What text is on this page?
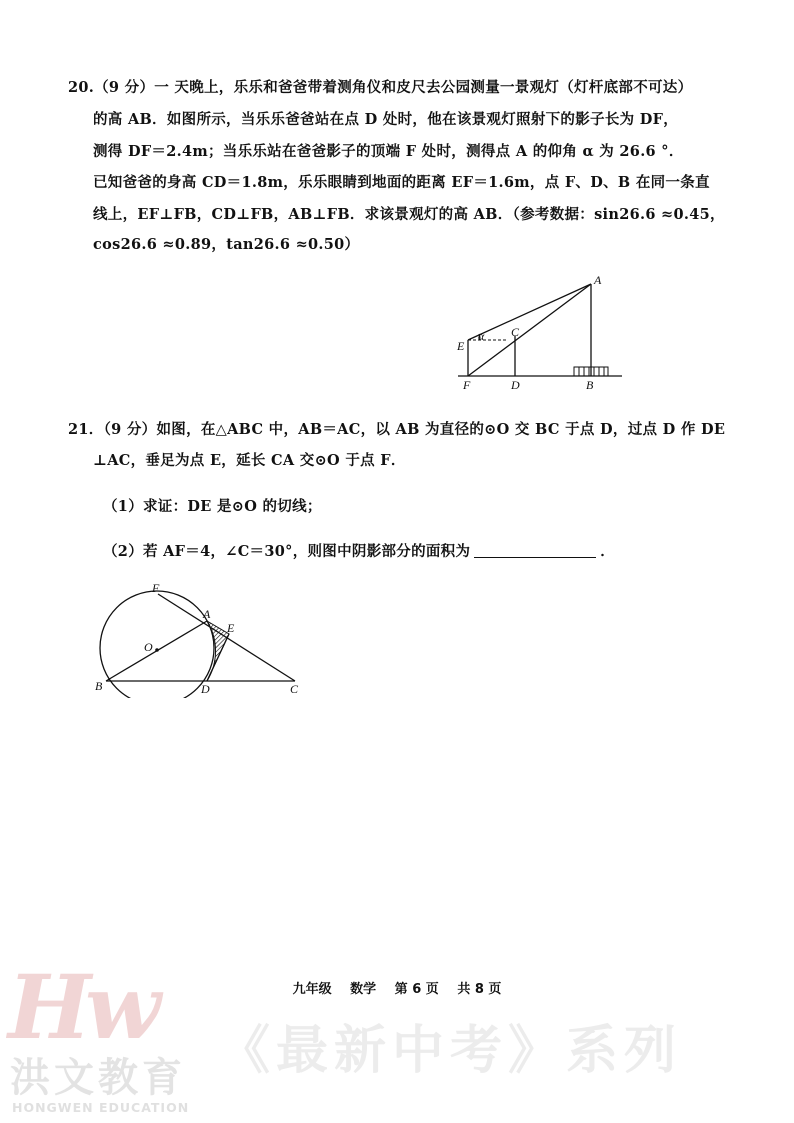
20.（9 分）一 天晚上，乐乐和爸爸带着测角仪和皮尺去公园测量一景观灯（灯杆底部不可达）
的高 AB．如图所示，当乐乐爸爸站在点 D 处时，他在该景观灯照射下的影子长为 DF，
测得 DF＝2.4m；当乐乐站在爸爸影子的顶端 F 处时，测得点 A 的仰角 α 为 26.6 °．
已知爸爸的身高 CD＝1.8m，乐乐眼睛到地面的距离 EF＝1.6m，点 F、D、B 在同一条直
线上，EF⊥FB，CD⊥FB，AB⊥FB．求该景观灯的高 AB．（参考数据：sin26.6 ≈0.45，
cos26.6 ≈0.89，tan26.6 ≈0.50）
α
A
B
C
D
E
F
21．（9 分）如图，在△ABC 中，AB＝AC，以 AB 为直径的⊙O 交 BC 于点 D，过点 D 作 DE
⊥AC，垂足为点 E，延长 CA 交⊙O 于点 F．
（1）求证：DE 是⊙O 的切线；
（2）若 AF＝4，∠C＝30°，则图中阴影部分的面积为	．
F
A
E
O
B	D	C
九年级 数学 第 6 页 共 8 页
Hw
洪文教育
HONGWEN EDUCATION
《最新中考》系列
